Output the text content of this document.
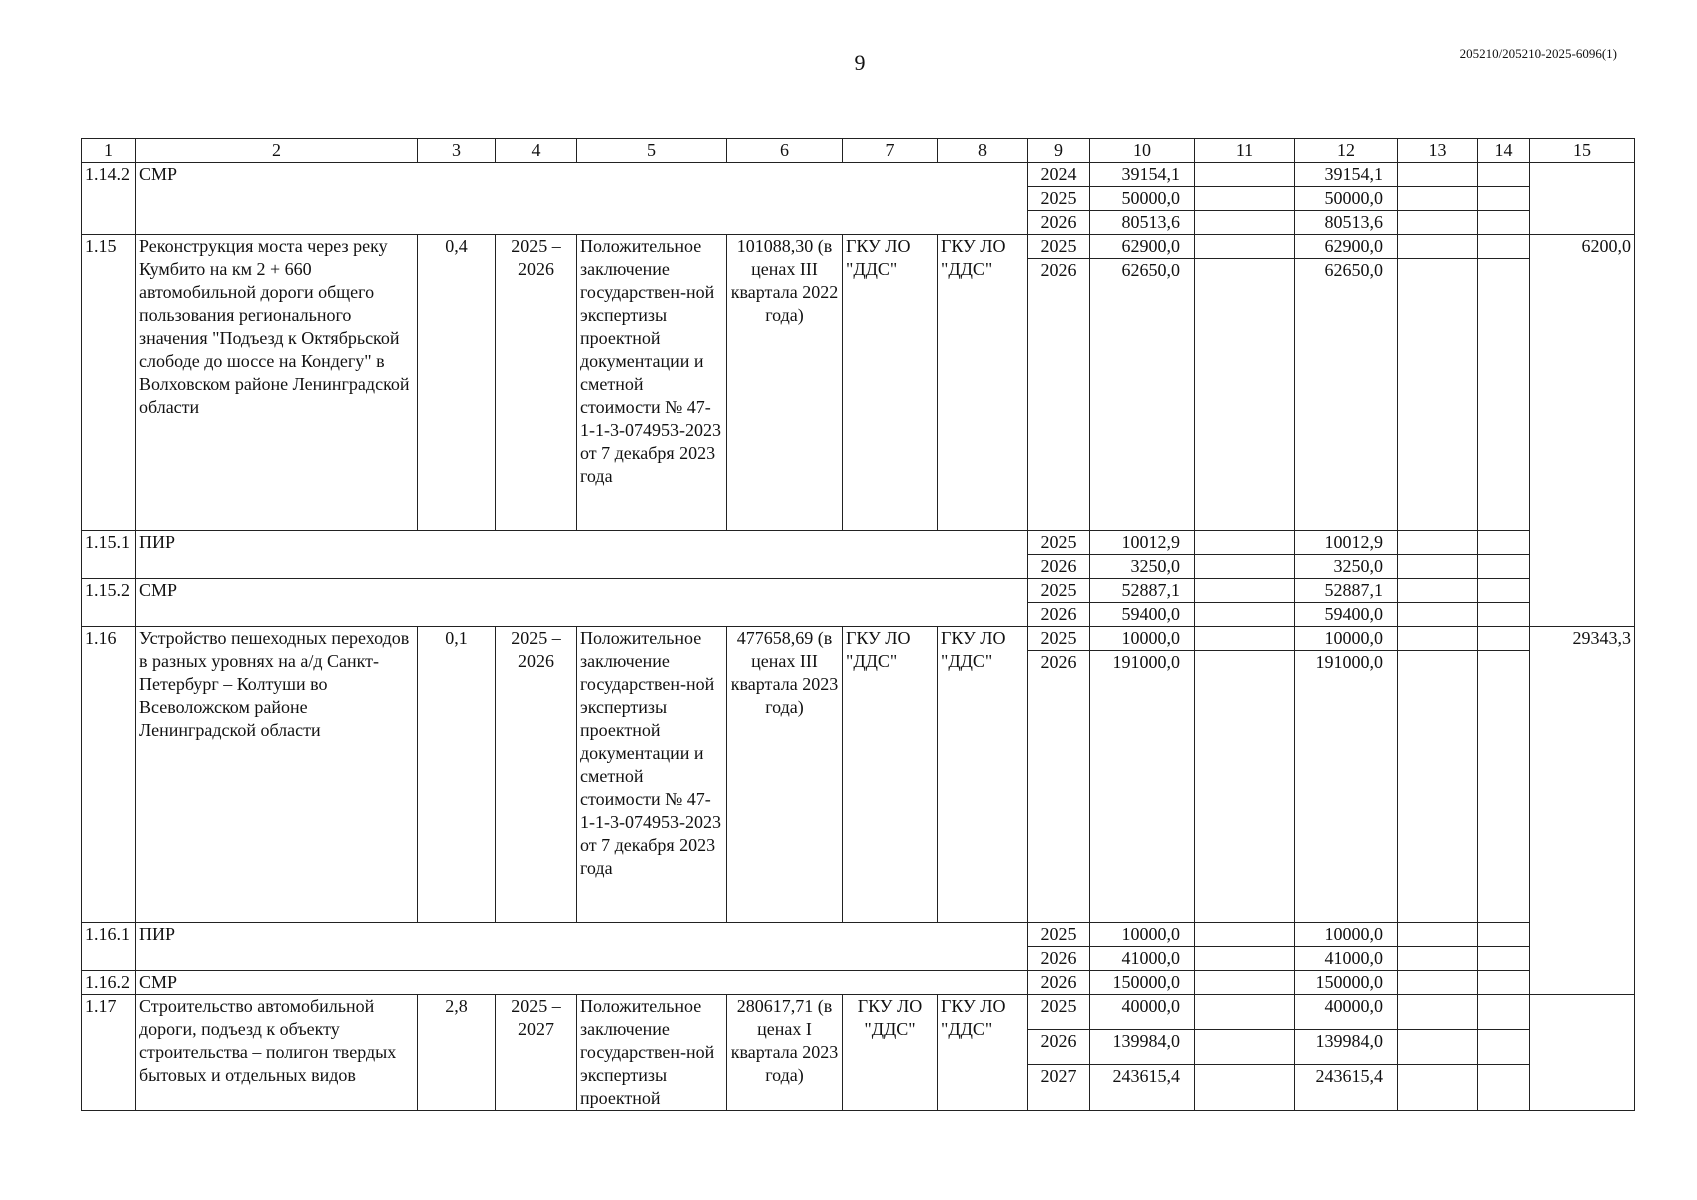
9	205210/205210-2025-6096(1)
1	2	3	4	5	6	7	8	9	10	11	12	13	14	15
1.14.2	СМР							2024	39154,1		39154,1			
								2025	50000,0		50000,0			
								2026	80513,6		80513,6			
1.15	Реконструкция моста через реку Кумбито на км 2 + 660 автомобильной дороги общего пользования регионального значения "Подъезд к Октябрьской слободе до шоссе на Кондегу" в Волховском районе Ленинградской области	0,4	2025 – 2026	Положительное заключение государствен-ной экспертизы проектной документации и сметной стоимости № 47-1-1-3-074953-2023 от 7 декабря 2023 года	101088,30 (в ценах III квартала 2022 года)	ГКУ ЛО "ДДС"	ГКУ ЛО "ДДС"	2025	62900,0		62900,0			6200,0
								2026	62650,0		62650,0			
1.15.1	ПИР							2025	10012,9		10012,9			
								2026	3250,0		3250,0			
1.15.2	СМР							2025	52887,1		52887,1			
								2026	59400,0		59400,0			
1.16	Устройство пешеходных переходов в разных уровнях на а/д Санкт-Петербург – Колтуши во Всеволожском районе Ленинградской области	0,1	2025 – 2026	Положительное заключение государствен-ной экспертизы проектной документации и сметной стоимости № 47-1-1-3-074953-2023 от 7 декабря 2023 года	477658,69 (в ценах III квартала 2023 года)	ГКУ ЛО "ДДС"	ГКУ ЛО "ДДС"	2025	10000,0		10000,0			29343,3
								2026	191000,0		191000,0			
1.16.1	ПИР							2025	10000,0		10000,0			
								2026	41000,0		41000,0			
1.16.2	СМР							2026	150000,0		150000,0			
1.17	Строительство автомобильной дороги, подъезд к объекту строительства – полигон твердых бытовых и отдельных видов	2,8	2025 – 2027	Положительное заключение государствен-ной экспертизы проектной	280617,71 (в ценах I квартала 2023 года)	ГКУ ЛО "ДДС"	ГКУ ЛО "ДДС"	2025	40000,0		40000,0			
								2026	139984,0		139984,0			
								2027	243615,4		243615,4			
